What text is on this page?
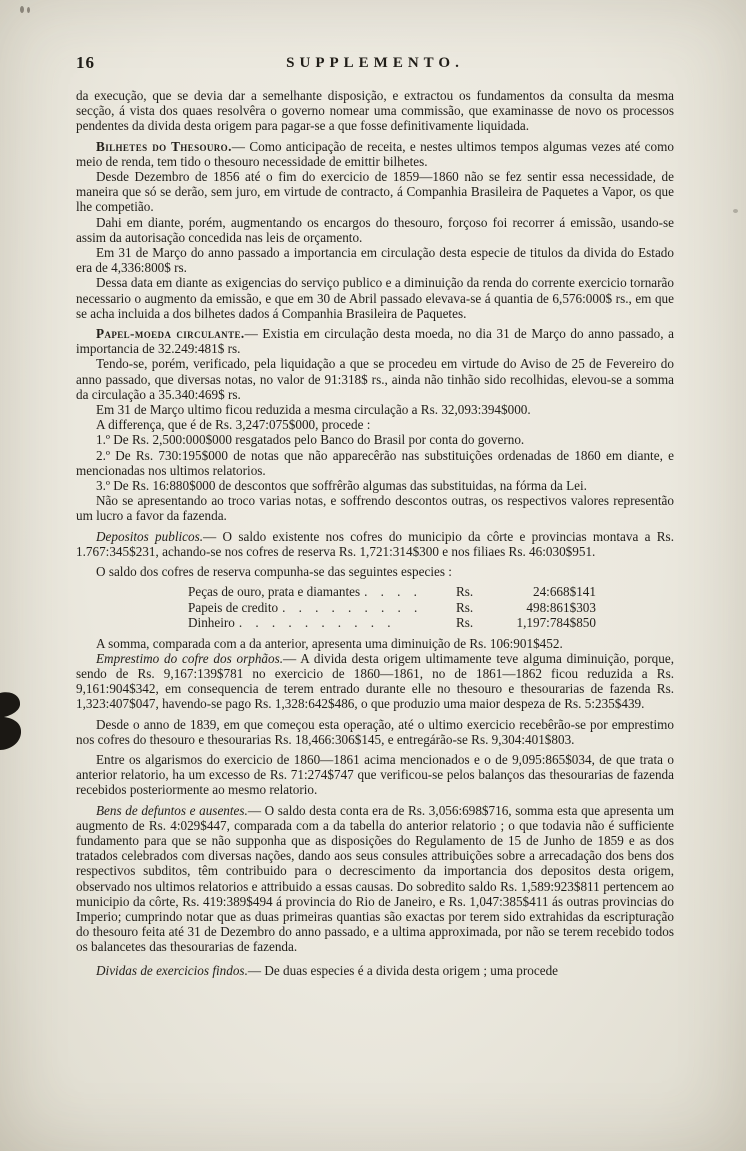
16	SUPPLEMENTO.

da execução, que se devia dar a semelhante disposição, e extractou os fundamentos da consulta da mesma secção, á vista dos quaes resolvêra o governo nomear uma commissão, que examinasse de novo os processos pendentes da divida desta origem para pagar-se a que fosse definitivamente liquidada.

Bilhetes do Thesouro.— Como anticipação de receita, e nestes ultimos tempos algumas vezes até como meio de renda, tem tido o thesouro necessidade de emittir bilhetes.

Desde Dezembro de 1856 até o fim do exercicio de 1859—1860 não se fez sentir essa necessidade, de maneira que só se derão, sem juro, em virtude de contracto, á Companhia Brasileira de Paquetes a Vapor, os que lhe competião.

Dahi em diante, porém, augmentando os encargos do thesouro, forçoso foi recorrer á emissão, usando-se assim da autorisação concedida nas leis de orçamento.

Em 31 de Março do anno passado a importancia em circulação desta especie de titulos da divida do Estado era de 4,336:800$ rs.

Dessa data em diante as exigencias do serviço publico e a diminuição da renda do corrente exercicio tornarão necessario o augmento da emissão, e que em 30 de Abril passado elevava-se á quantia de 6,576:000$ rs., em que se acha incluida a dos bilhetes dados á Companhia Brasileira de Paquetes.

Papel-moeda circulante.— Existia em circulação desta moeda, no dia 31 de Março do anno passado, a importancia de 32.249:481$ rs.

Tendo-se, porém, verificado, pela liquidação a que se procedeu em virtude do Aviso de 25 de Fevereiro do anno passado, que diversas notas, no valor de 91:318$ rs., ainda não tinhão sido recolhidas, elevou-se a somma da circulação a 35.340:469$ rs.

Em 31 de Março ultimo ficou reduzida a mesma circulação a Rs. 32,093:394$000.

A differença, que é de Rs. 3,247:075$000, procede :

1.º De Rs. 2,500:000$000 resgatados pelo Banco do Brasil por conta do governo.

2.º De Rs. 730:195$000 de notas que não apparecêrão nas substituições ordenadas de 1860 em diante, e mencionadas nos ultimos relatorios.

3.º De Rs. 16:880$000 de descontos que soffrêrão algumas das substituidas, na fórma da Lei.

Não se apresentando ao troco varias notas, e soffrendo descontos outras, os respectivos valores representão um lucro a favor da fazenda.

Depositos publicos.— O saldo existente nos cofres do municipio da côrte e provincias montava a Rs. 1.767:345$231, achando-se nos cofres de reserva Rs. 1,721:314$300 e nos filiaes Rs. 46:030$951.

O saldo dos cofres de reserva compunha-se das seguintes especies :

Peças de ouro, prata e diamantes .    .    .    .	Rs.	24:668$141
Papeis de credito .    .    .    .    .    .    .    .    .	Rs.	498:861$303
Dinheiro .    .    .    .    .    .    .    .    .    .	Rs.	1,197:784$850

A somma, comparada com a da anterior, apresenta uma diminuição de Rs. 106:901$452.

Emprestimo do cofre dos orphãos.— A divida desta origem ultimamente teve alguma diminuição, porque, sendo de Rs. 9,167:139$781 no exercicio de 1860—1861, no de 1861—1862 ficou reduzida a Rs. 9,161:904$342, em consequencia de terem entrado durante elle no thesouro e thesourarias de fazenda Rs. 1,323:407$047, havendo-se pago Rs. 1,328:642$486, o que produzio uma maior despeza de Rs. 5:235$439.

Desde o anno de 1839, em que começou esta operação, até o ultimo exercicio recebêrão-se por emprestimo nos cofres do thesouro e thesourarias Rs. 18,466:306$145, e entregárão-se Rs. 9,304:401$803.

Entre os algarismos do exercicio de 1860—1861 acima mencionados e o de 9,095:865$034, de que trata o anterior relatorio, ha um excesso de Rs. 71:274$747 que verificou-se pelos balanços das thesourarias de fazenda recebidos posteriormente ao mesmo relatorio.

Bens de defuntos e ausentes.— O saldo desta conta era de Rs. 3,056:698$716, somma esta que apresenta um augmento de Rs. 4:029$447, comparada com a da tabella do anterior relatorio ; o que todavia não é sufficiente fundamento para que se não supponha que as disposições do Regulamento de 15 de Junho de 1859 e as dos tratados celebrados com diversas nações, dando aos seus consules attribuições sobre a arrecadação dos bens dos respectivos subditos, têm contribuido para o decrescimento da importancia dos depositos desta origem, observado nos ultimos relatorios e attribuido a essas causas. Do sobredito saldo Rs. 1,589:923$811 pertencem ao municipio da côrte, Rs. 419:389$494 á provincia do Rio de Janeiro, e Rs. 1,047:385$411 ás outras provincias do Imperio; cumprindo notar que as duas primeiras quantias são exactas por terem sido extrahidas da escripturação do thesouro feita até 31 de Dezembro do anno passado, e a ultima approximada, por não se terem recebido todos os balancetes das thesourarias de fazenda.

Dividas de exercicios findos.— De duas especies é a divida desta origem ; uma procede
